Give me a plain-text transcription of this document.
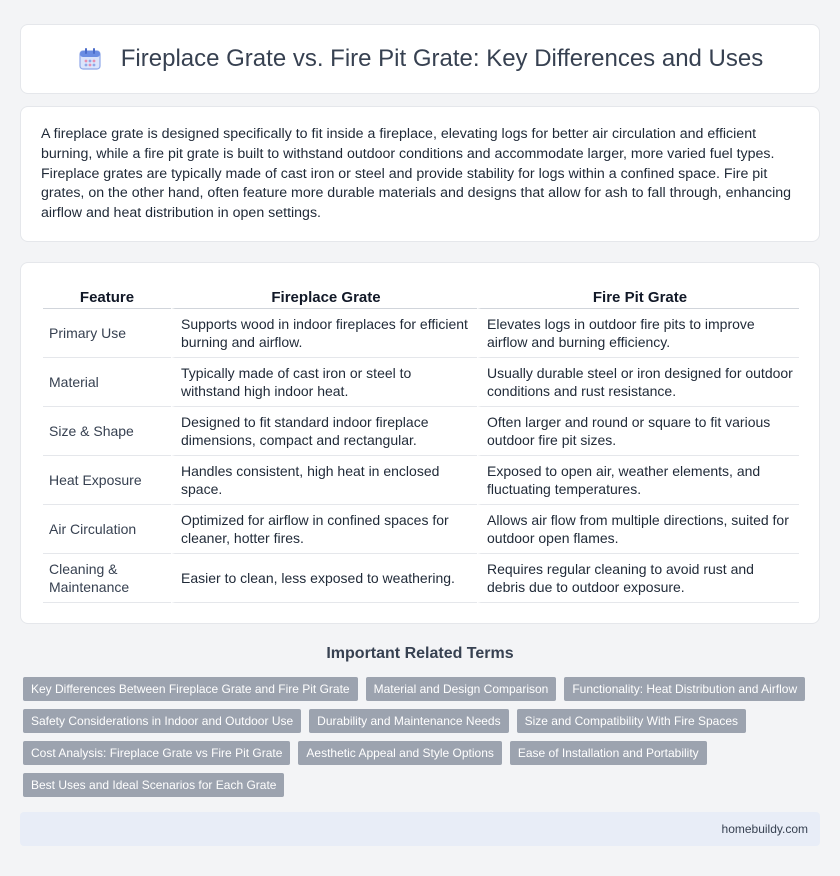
Fireplace Grate vs. Fire Pit Grate: Key Differences and Uses

A fireplace grate is designed specifically to fit inside a fireplace, elevating logs for better air circulation and efficient burning, while a fire pit grate is built to withstand outdoor conditions and accommodate larger, more varied fuel types. Fireplace grates are typically made of cast iron or steel and provide stability for logs within a confined space. Fire pit grates, on the other hand, often feature more durable materials and designs that allow for ash to fall through, enhancing airflow and heat distribution in open settings.

Feature	Fireplace Grate	Fire Pit Grate
Primary Use	Supports wood in indoor fireplaces for efficient burning and airflow.	Elevates logs in outdoor fire pits to improve airflow and burning efficiency.
Material	Typically made of cast iron or steel to withstand high indoor heat.	Usually durable steel or iron designed for outdoor conditions and rust resistance.
Size & Shape	Designed to fit standard indoor fireplace dimensions, compact and rectangular.	Often larger and round or square to fit various outdoor fire pit sizes.
Heat Exposure	Handles consistent, high heat in enclosed space.	Exposed to open air, weather elements, and fluctuating temperatures.
Air Circulation	Optimized for airflow in confined spaces for cleaner, hotter fires.	Allows air flow from multiple directions, suited for outdoor open flames.
Cleaning & Maintenance	Easier to clean, less exposed to weathering.	Requires regular cleaning to avoid rust and debris due to outdoor exposure.
Important Related Terms
Key Differences Between Fireplace Grate and Fire Pit Grate	Material and Design Comparison	Functionality: Heat Distribution and Airflow
Safety Considerations in Indoor and Outdoor Use	Durability and Maintenance Needs	Size and Compatibility With Fire Spaces
Cost Analysis: Fireplace Grate vs Fire Pit Grate	Aesthetic Appeal and Style Options	Ease of Installation and Portability
Best Uses and Ideal Scenarios for Each Grate
homebuildy.com
